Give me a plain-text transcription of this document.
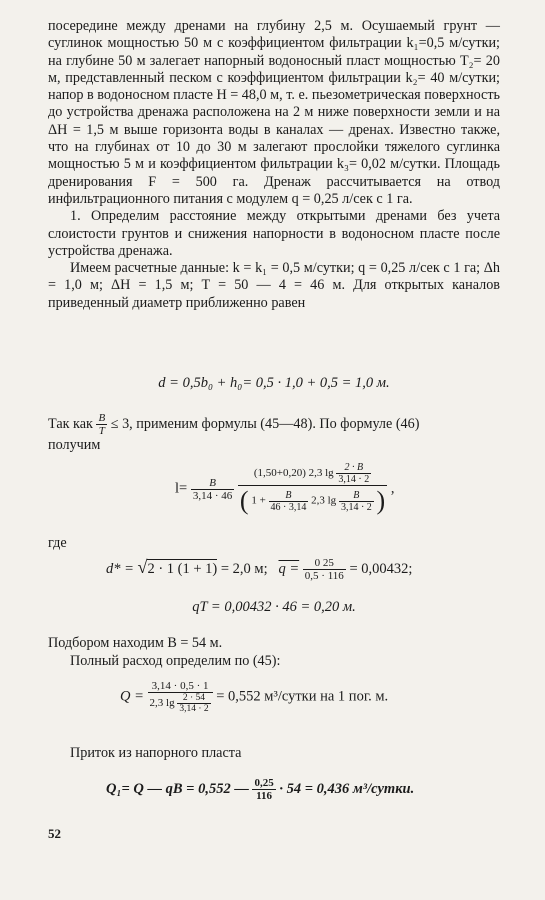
посередине между дренами на глубину 2,5 м. Осушаемый грунт — суглинок мощностью 50 м с коэффициентом фильтрации k₁=0,5 м/сутки; на глубине 50 м залегает напорный водоносный пласт мощностью T₂= 20 м, представленный песком с коэффициентом фильтрации k₂= 40 м/сутки; напор в водоносном пласте H = 48,0 м, т. е. пьезометрическая поверхность до устройства дренажа расположена на 2 м ниже поверхности земли и на ΔH = 1,5 м выше горизонта воды в каналах — дренах. Известно также, что на глубинах от 10 до 30 м залегают прослойки тяжелого суглинка мощностью 5 м и коэффициентом фильтрации k₃= 0,02 м/сутки. Площадь дренирования F = 500 га. Дренаж рассчитывается на отвод инфильтрационного питания с модулем q = 0,25 л/сек с 1 га.

1. Определим расстояние между открытыми дренами без учета слоистости грунтов и снижения напорности в водоносном пласте после устройства дренажа.

Имеем расчетные данные: k = k₁ = 0,5 м/сутки; q = 0,25 л/сек с 1 га; Δh = 1,0 м; ΔH = 1,5 м; T = 50 — 4 = 46 м. Для открытых каналов приведенный диаметр приближенно равен

d = 0,5b₀ + h₀= 0,5 · 1,0 + 0,5 = 1,0 м.
Так как $\frac{B}{T} \le 3$, применим формулы (45—48). По формуле (46)
получим
$l= \frac{B}{3,14 \cdot 46}$

(1,50+0,20) 2,3 $\lg \frac{2 \cdot B}{3,14 \cdot 2}$
( $1 + \frac{B}{46 \cdot 3,14} 2,3$ $\lg \frac{B}{3,14 \cdot 2}$ ) ,
где
d* = √2 · 1 (1 + 1) = 2,0 м; $q = \frac{0 25}{0,5 \cdot 116} = 0,00432$;
qT = 0,00432 · 46 = 0,20 м.
Подбором находим B = 54 м.
Полный расход определим по (45):
$Q = \frac{3,14 \cdot 0,5 \cdot 1}{2,3 \lg \frac{2 \cdot 54}{3,14 \cdot 2}} = 0,552$ м³/сутки на 1 пог. м.
Приток из напорного пласта
Q₁= Q — qB = 0,552 — $\frac{0,25}{116} \cdot 54 = 0,436$ м³/сутки.
52
